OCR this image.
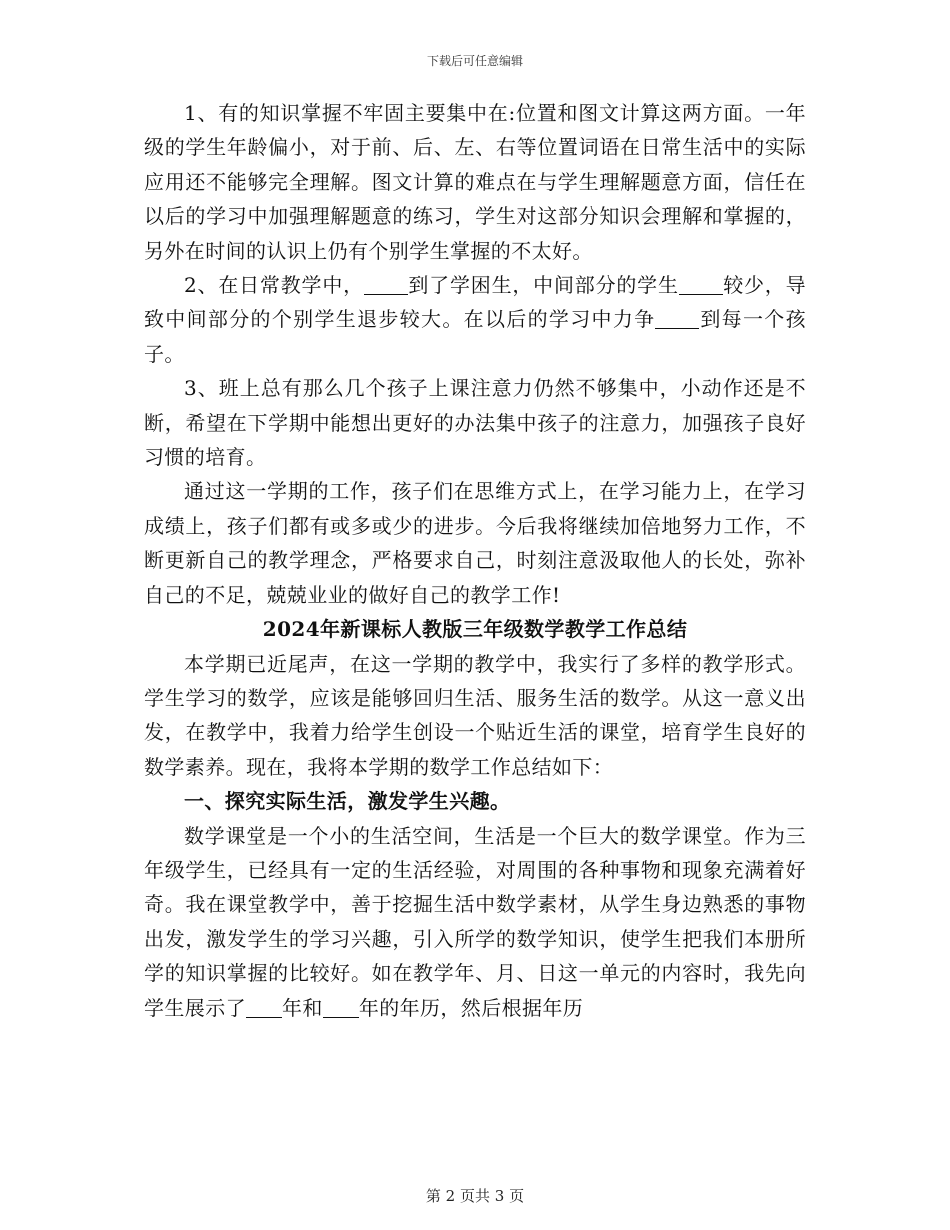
下载后可任意编辑

1、有的知识掌握不牢固主要集中在:位置和图文计算这两方面。一年级的学生年龄偏小，对于前、后、左、右等位置词语在日常生活中的实际应用还不能够完全理解。图文计算的难点在与学生理解题意方面，信任在以后的学习中加强理解题意的练习，学生对这部分知识会理解和掌握的，另外在时间的认识上仍有个别学生掌握的不太好。

2、在日常教学中， 到了学困生，中间部分的学生 较少，导致中间部分的个别学生退步较大。在以后的学习中力争 到每一个孩子。

3、班上总有那么几个孩子上课注意力仍然不够集中，小动作还是不断，希望在下学期中能想出更好的办法集中孩子的注意力，加强孩子良好习惯的培育。

通过这一学期的工作，孩子们在思维方式上，在学习能力上，在学习成绩上，孩子们都有或多或少的进步。今后我将继续加倍地努力工作，不断更新自己的教学理念，严格要求自己，时刻注意汲取他人的长处，弥补自己的不足，兢兢业业的做好自己的教学工作!

2024年新课标人教版三年级数学教学工作总结

本学期已近尾声，在这一学期的教学中，我实行了多样的教学形式。学生学习的数学，应该是能够回归生活、服务生活的数学。从这一意义出发，在教学中，我着力给学生创设一个贴近生活的课堂，培育学生良好的数学素养。现在，我将本学期的数学工作总结如下：

一、探究实际生活，激发学生兴趣。

数学课堂是一个小的生活空间，生活是一个巨大的数学课堂。作为三年级学生，已经具有一定的生活经验，对周围的各种事物和现象充满着好奇。我在课堂教学中，善于挖掘生活中数学素材，从学生身边熟悉的事物出发，激发学生的学习兴趣，引入所学的数学知识，使学生把我们本册所学的知识掌握的比较好。如在教学年、月、日这一单元的内容时，我先向学生展示了 年和 年的年历，然后根据年历

第 2 页共 3 页
